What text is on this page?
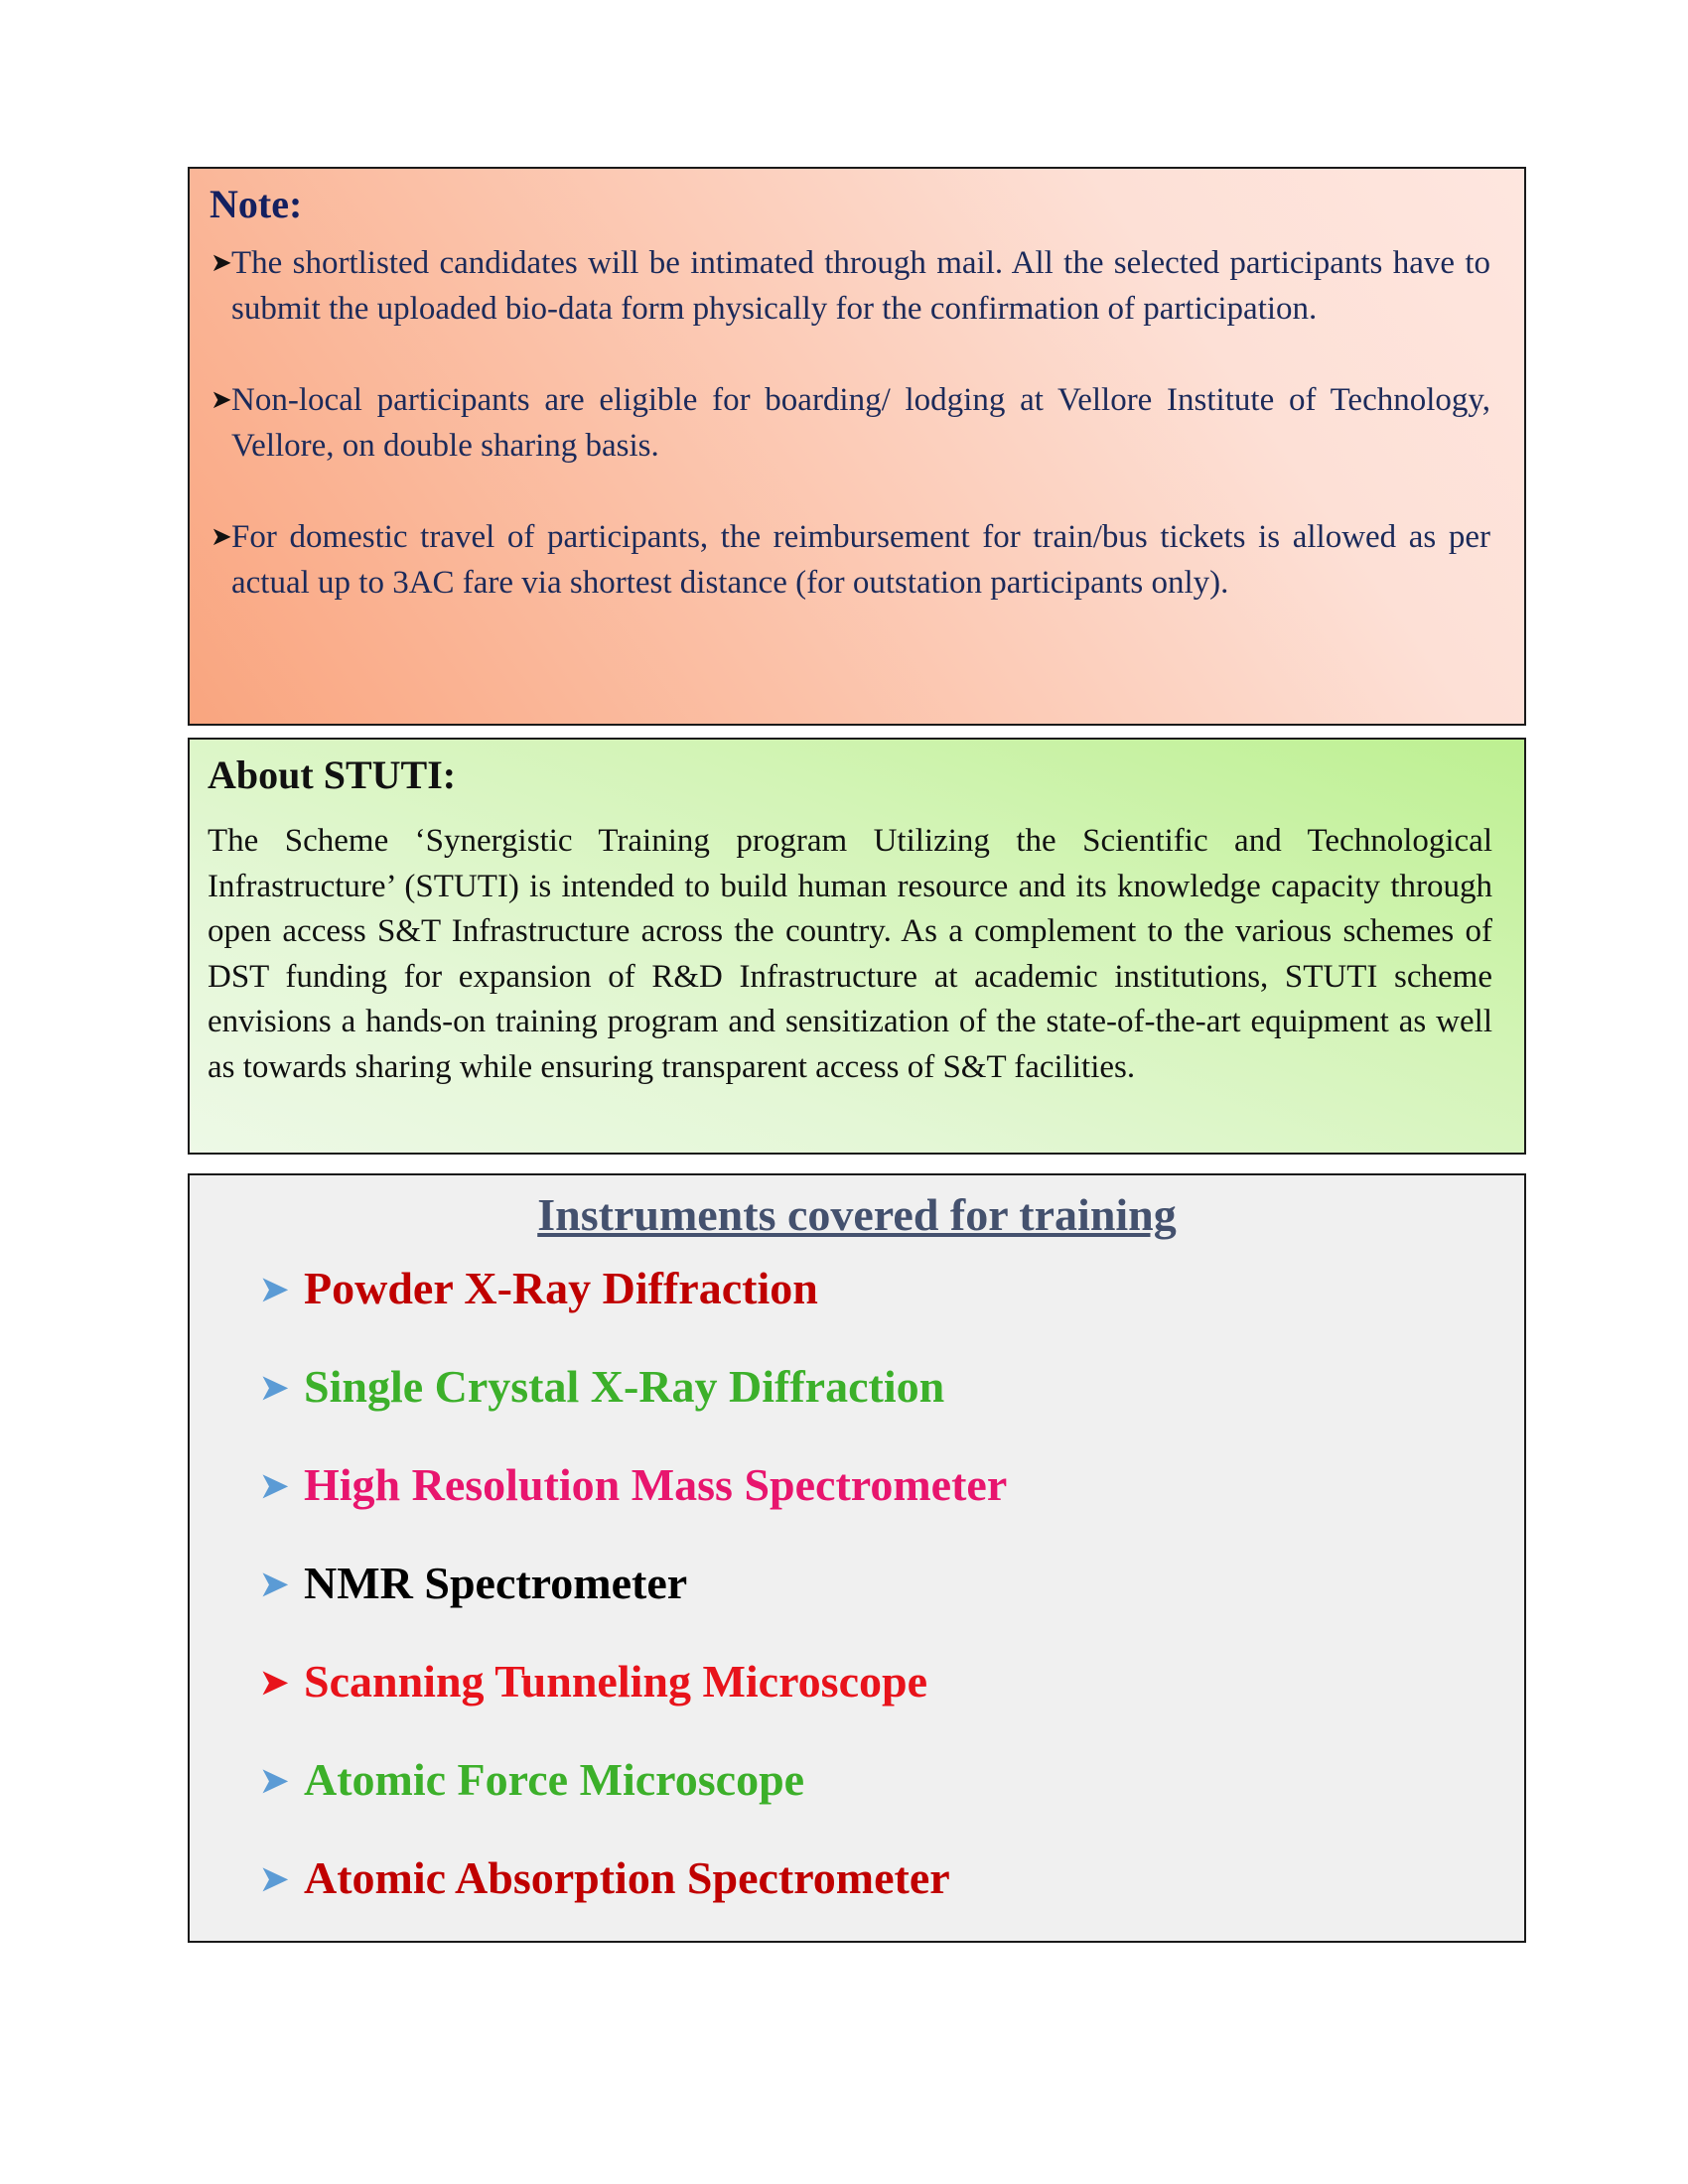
Note:
➤ The shortlisted candidates will be intimated through mail. All the selected participants have to submit the uploaded bio-data form physically for the confirmation of participation.
➤ Non-local participants are eligible for boarding/ lodging at Vellore Institute of Technology, Vellore, on double sharing basis.
➤ For domestic travel of participants, the reimbursement for train/bus tickets is allowed as per actual up to 3AC fare via shortest distance (for outstation participants only).
About STUTI:
The Scheme ‘Synergistic Training program Utilizing the Scientific and Technological Infrastructure’ (STUTI) is intended to build human resource and its knowledge capacity through open access S&T Infrastructure across the country. As a complement to the various schemes of DST funding for expansion of R&D Infrastructure at academic institutions, STUTI scheme envisions a hands-on training program and sensitization of the state-of-the-art equipment as well as towards sharing while ensuring transparent access of S&T facilities.
Instruments covered for training
➤ Powder X-Ray Diffraction
➤ Single Crystal X-Ray Diffraction
➤ High Resolution Mass Spectrometer
➤ NMR Spectrometer
➤ Scanning Tunneling Microscope
➤ Atomic Force Microscope
➤ Atomic Absorption Spectrometer
